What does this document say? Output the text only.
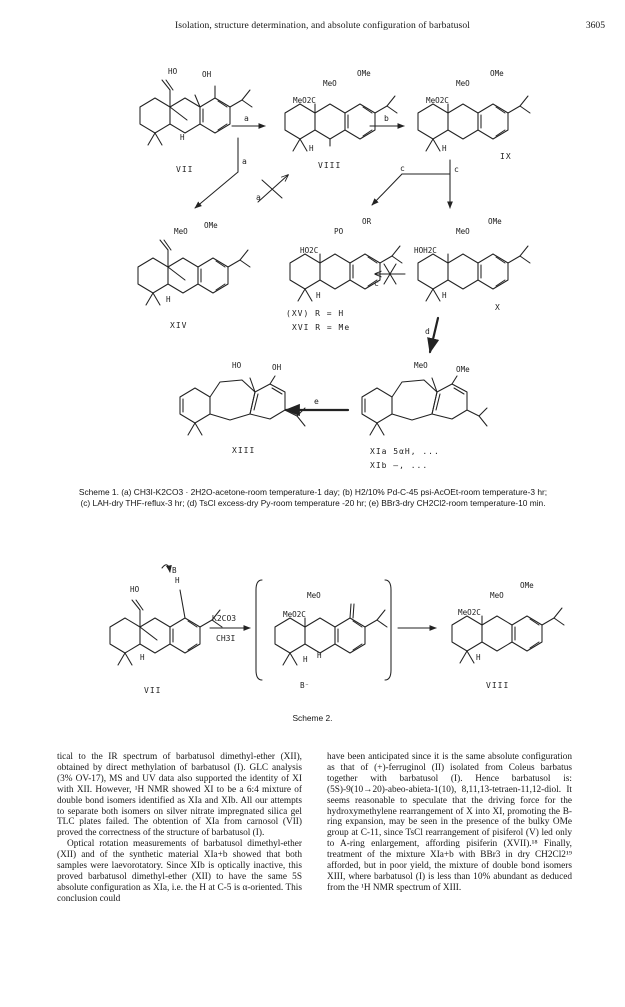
Isolation, structure determination, and absolute configuration of barbatusol	3605
HO	OH
H
VII
a
MeO2C
MeO
OMe
H
VIII
b
MeO2C
MeO
OMe
H
IX
a
a
c	c
MeO
OMe
H
XIV
HO2C
PO
OR
H
(XV) R = H
XVI R = Me
c
HOH2C
MeO
OMe
H
X
d
HO	OH
XIII
e
MeO	OMe
XIa 5αH, ...
XIb –, ...
Scheme 1. (a) CH3I-K2CO3 · 2H2O-acetone-room temperature-1 day; (b) H2/10% Pd-C-45 psi-AcOEt-room temperature-3 hr; (c) LAH-dry THF-reflux-3 hr; (d) TsCl excess-dry Py-room temperature -20 hr; (e) BBr3-dry CH2Cl2-room temperature-10 min.
B
H
HO
H
VII
K2CO3
CH3I
MeO2C
MeO
H H
B⁻
MeO2C
MeO
OMe
H
VIII
Scheme 2.

tical to the IR spectrum of barbatusol dimethyl-ether (XII), obtained by direct methylation of barbatusol (I). GLC analysis (3% OV-17), MS and UV data also supported the identity of XI with XII. However, ¹H NMR showed XI to be a 6:4 mixture of double bond isomers identified as XIa and XIb. All our attempts to separate both isomers on silver nitrate impregnated silica gel TLC plates failed. The obtention of XIa from carnosol (VII) proved the correctness of the structure of barbatusol (I).

Optical rotation measurements of barbatusol dimethyl-ether (XII) and of the synthetic material XIa+b showed that both samples were laevorotatory. Since XIb is optically inactive, this proved barbatusol dimethyl-ether (XII) to have the same 5S absolute configuration as XIa, i.e. the H at C-5 is α-oriented. This conclusion could

have been anticipated since it is the same absolute configuration as that of (+)-ferruginol (II) isolated from Coleus barbatus together with barbatusol (I). Hence barbatusol is: (5S)-9(10→20)-abeo-abieta-1(10), 8,11,13-tetraen-11,12-diol. It seems reasonable to speculate that the driving force for the hydroxymethylene rearrangement of X into XI, promoting the B-ring expansion, may be seen in the presence of the bulky OMe group at C-11, since TsCl rearrangement of pisiferol (V) led only to A-ring enlargement, affording pisiferin (XVII).¹⁸ Finally, treatment of the mixture XIa+b with BBr3 in dry CH2Cl2¹⁹ afforded, but in poor yield, the mixture of double bond isomers XIII, where barbatusol (I) is less than 10% abundant as deduced from the ¹H NMR spectrum of XIII.
